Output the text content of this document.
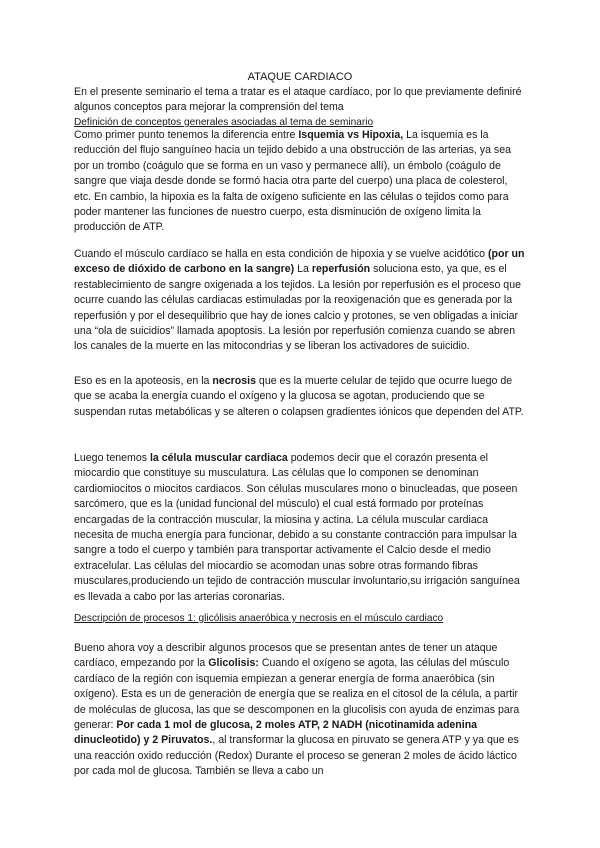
ATAQUE CARDIACO

En el presente seminario el tema a tratar es el ataque cardíaco, por lo que previamente definiré algunos conceptos para mejorar la comprensión del tema

Definición de conceptos generales asociadas al tema de seminario

Como primer punto tenemos la diferencia entre Isquemia vs Hipoxia, La isquemia es la reducción del flujo sanguíneo hacia un tejido debido a una obstrucción de las arterias, ya sea por un trombo (coágulo que se forma en un vaso y permanece allí), un émbolo (coágulo de sangre que viaja desde donde se formó hacia otra parte del cuerpo) una placa de colesterol, etc. En cambio, la hipoxia es la falta de oxígeno suficiente en las células o tejidos como para poder mantener las funciones de nuestro cuerpo, esta disminución de oxígeno limita la producción de ATP.

Cuando el músculo cardíaco se halla en esta condición de hipoxia y se vuelve acidótico (por un exceso de dióxido de carbono en la sangre) La reperfusión soluciona esto, ya que, es el restablecimiento de sangre oxigenada a los tejidos. La lesión por reperfusión es el proceso que ocurre cuando las células cardiacas estimuladas por la reoxigenación que es generada por la reperfusión y por el desequilibrio que hay de iones calcio y protones, se ven obligadas a iniciar una “ola de suicidios” llamada apoptosis. La lesión por reperfusión comienza cuando se abren los canales de la muerte en las mitocondrias y se liberan los activadores de suicidio.

Eso es en la apoteosis, en la necrosis que es la muerte celular de tejido que ocurre luego de que se acaba la energía cuando el oxígeno y la glucosa se agotan, produciendo que se suspendan rutas metabólicas y se alteren o colapsen gradientes iónicos que dependen del ATP.

Luego tenemos la célula muscular cardiaca podemos decir que el corazón presenta el miocardio que constituye su musculatura. Las células que lo componen se denominan cardiomiocitos o miocitos cardiacos. Son células musculares mono o binucleadas, que poseen sarcómero, que es la (unidad funcional del músculo) el cual está formado por proteínas encargadas de la contracción muscular, la miosina y actina. La célula muscular cardiaca necesita de mucha energía para funcionar, debido a su constante contracción para impulsar la sangre a todo el cuerpo y también para transportar activamente el Calcio desde el medio extracelular. Las células del miocardio se acomodan unas sobre otras formando fibras musculares,produciendo un tejido de contracción muscular involuntario,su irrigación sanguínea es llevada a cabo por las arterias coronarias.

Descripción de procesos 1: glicólisis anaeróbica y necrosis en el músculo cardiaco

Bueno ahora voy a describir algunos procesos que se presentan antes de tener un ataque cardíaco, empezando por la Glicolisis: Cuando el oxígeno se agota, las células del músculo cardíaco de la región con isquemia empiezan a generar energía de forma anaeróbica (sin oxígeno). Esta es un de generación de energía que se realiza en el citosol de la célula, a partir de moléculas de glucosa, las que se descomponen en la glucolisis con ayuda de enzimas para generar: Por cada 1 mol de glucosa, 2 moles ATP, 2 NADH (nicotinamida adenina dinucleotido) y 2 Piruvatos., al transformar la glucosa en piruvato se genera ATP y ya que es una reacción oxido reducción (Redox) Durante el proceso se generan 2 moles de ácido láctico por cada mol de glucosa. También se lleva a cabo un
